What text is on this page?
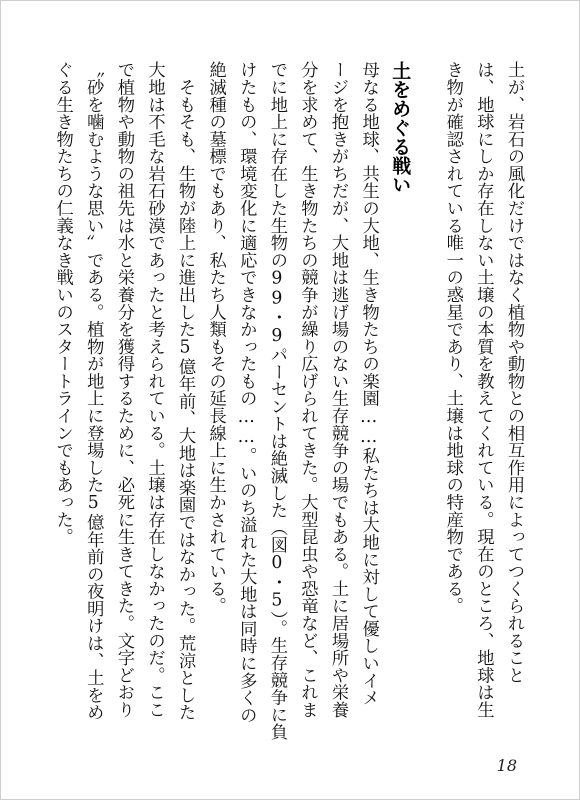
土が、岩石の風化だけではなく植物や動物との相互作用によってつくられること
は、地球にしか存在しない土壌の本質を教えてくれている。現在のところ、地球は生
き物が確認されている唯一の惑星であり、土壌は地球の特産物である。
土をめぐる戦い
母なる地球、共生の大地、生き物たちの楽園……私たちは大地に対して優しいイメ
ージを抱きがちだが、大地は逃げ場のない生存競争の場でもある。土に居場所や栄養
分を求めて、生き物たちの競争が繰り広げられてきた。大型昆虫や恐竜など、これま
でに地上に存在した生物の99・9パーセントは絶滅した（図0・5）。生存競争に負
けたもの、環境変化に適応できなかったもの……。いのち溢れた大地は同時に多くの
絶滅種の墓標でもあり、私たち人類もその延長線上に生かされている。
　そもそも、生物が陸上に進出した5億年前、大地は楽園ではなかった。荒涼とした
大地は不毛な岩石砂漠であったと考えられている。土壌は存在しなかったのだ。ここ
で植物や動物の祖先は水と栄養分を獲得するために、必死に生きてきた。文字どおり
〝砂を噛むような思い〟である。植物が地上に登場した5億年前の夜明けは、土をめ
ぐる生き物たちの仁義なき戦いのスタートラインでもあった。
18
